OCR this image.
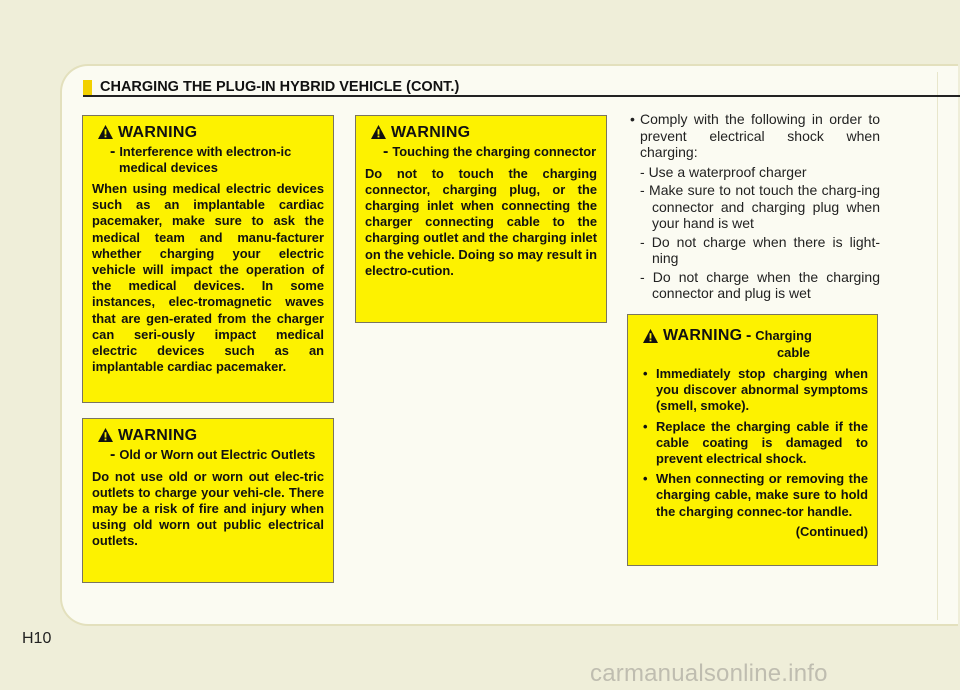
CHARGING THE PLUG-IN HYBRID VEHICLE (CONT.)
WARNING
- Interference with electron-ic medical devices
When using medical electric devices such as an implantable cardiac pacemaker, make sure to ask the medical team and manu-facturer whether charging your electric vehicle will impact the operation of the medical devices. In some instances, elec-tromagnetic waves that are gen-erated from the charger can seri-ously impact medical electric devices such as an implantable cardiac pacemaker.
WARNING
- Old or Worn out Electric Outlets
Do not use old or worn out elec-tric outlets to charge your vehi-cle. There may be a risk of fire and injury when using old worn out public electrical outlets.
WARNING
- Touching the charging connector
Do not to touch the charging connector, charging plug, or the charging inlet when connecting the charger connecting cable to the charging outlet and the charging inlet on the vehicle. Doing so may result in electro-cution.
• Comply with the following in order to prevent electrical shock when charging:
- Use a waterproof charger
- Make sure to not touch the charg-ing connector and charging plug when your hand is wet
- Do not charge when there is light-ning
- Do not charge when the charging connector and plug is wet
WARNING - Charging
cable
• Immediately stop charging when you discover abnormal symptoms (smell, smoke).
• Replace the charging cable if the cable coating is damaged to prevent electrical shock.
• When connecting or removing the charging cable, make sure to hold the charging connec-tor handle.
(Continued)
H10
carmanualsonline.info
